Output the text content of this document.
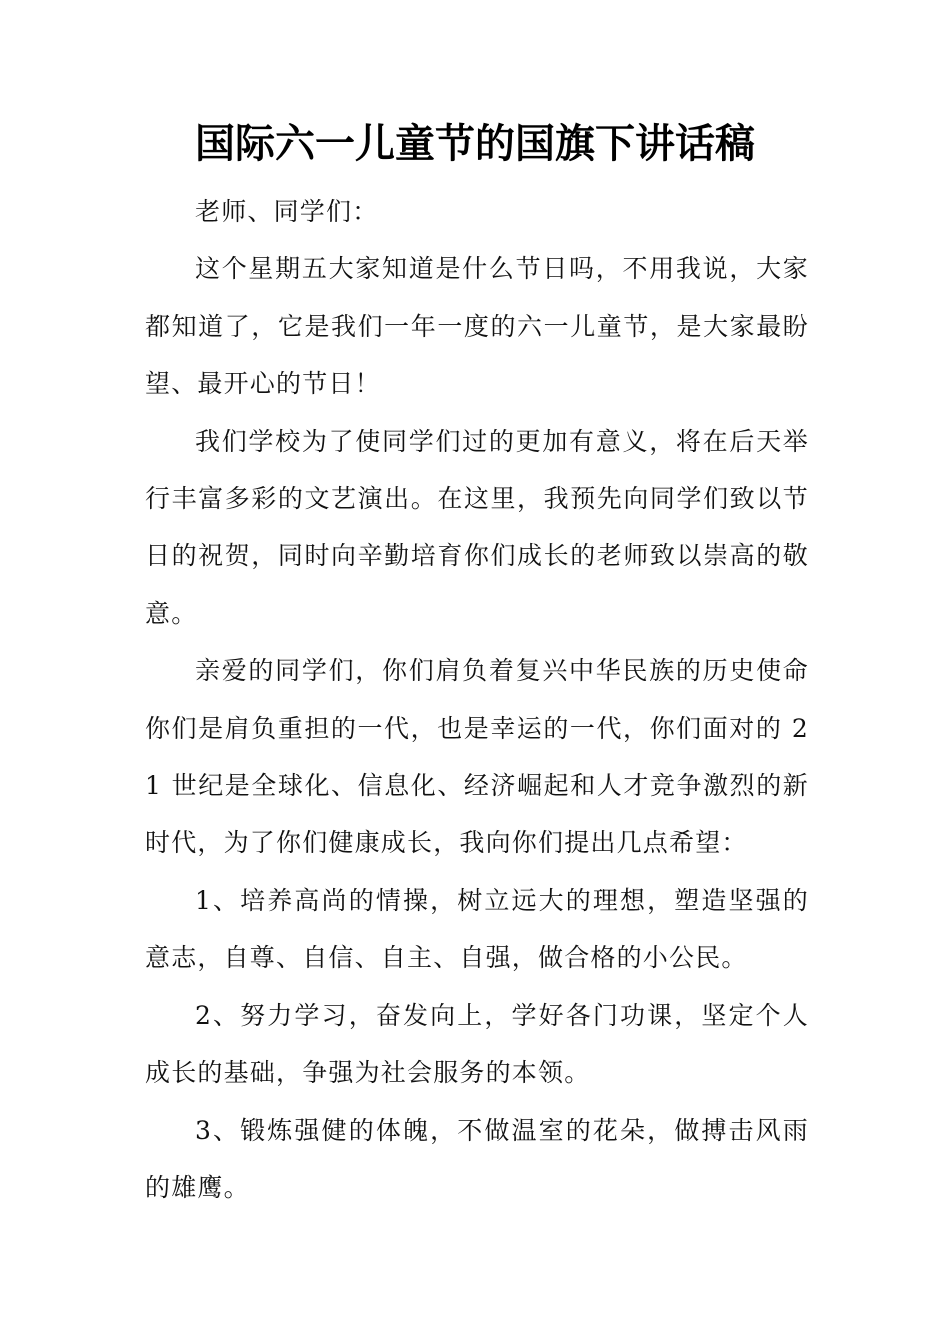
国际六一儿童节的国旗下讲话稿

老师、同学们：

这个星期五大家知道是什么节日吗，不用我说，大家都知道了，它是我们一年一度的六一儿童节，是大家最盼望、最开心的节日！

我们学校为了使同学们过的更加有意义，将在后天举行丰富多彩的文艺演出。在这里，我预先向同学们致以节日的祝贺，同时向辛勤培育你们成长的老师致以崇高的敬意。

亲爱的同学们，你们肩负着复兴中华民族的历史使命你们是肩负重担的一代，也是幸运的一代，你们面对的 21 世纪是全球化、信息化、经济崛起和人才竞争激烈的新时代，为了你们健康成长，我向你们提出几点希望：

1、培养高尚的情操，树立远大的理想，塑造坚强的意志，自尊、自信、自主、自强，做合格的小公民。

2、努力学习，奋发向上，学好各门功课，坚定个人成长的基础，争强为社会服务的本领。

3、锻炼强健的体魄，不做温室的花朵，做搏击风雨的雄鹰。
